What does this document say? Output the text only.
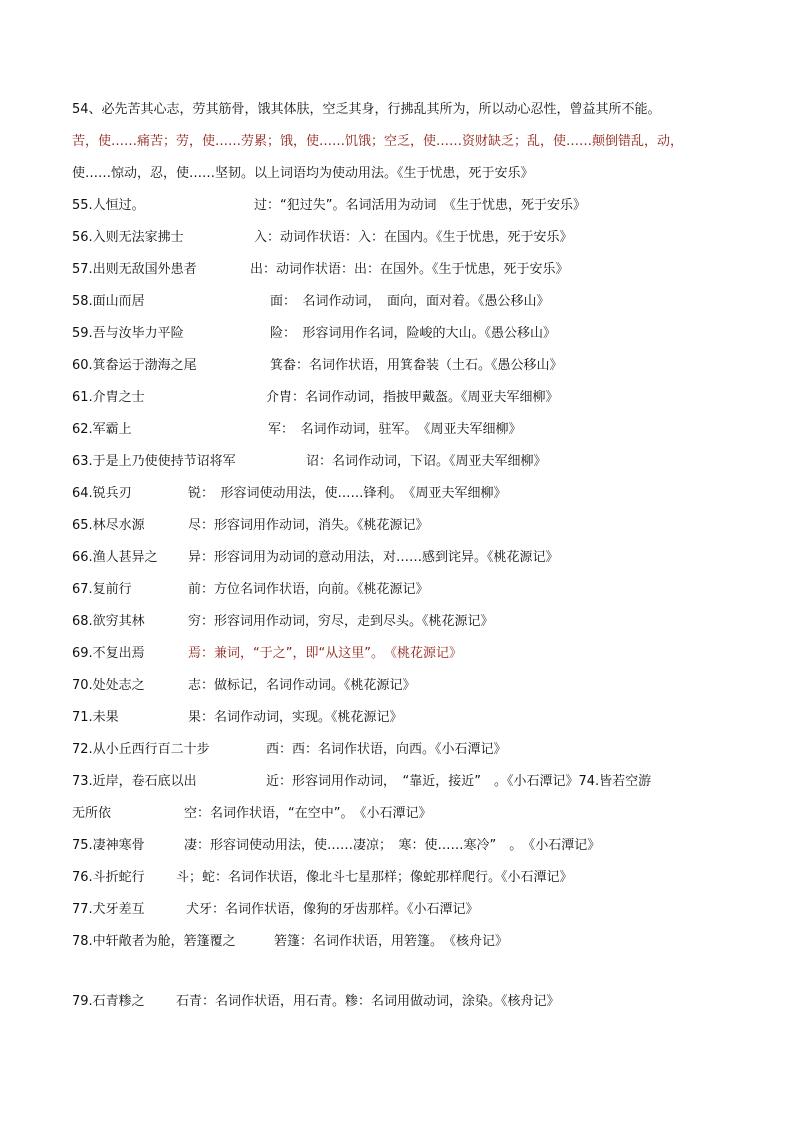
54、必先苦其心志，劳其筋骨，饿其体肤，空乏其身，行拂乱其所为，所以动心忍性，曾益其所不能。
苦，使……痛苦；劳，使……劳累；饿，使……饥饿；空乏，使……资财缺乏；乱，使……颠倒错乱，动，
使……惊动，忍，使……坚韧。以上词语均为使动用法。《生于忧患，死于安乐》
55.人恒过。	过：“犯过失”。名词活用为动词　《生于忧患，死于安乐》
56.入则无法家拂士	入：动词作状语：入：在国内。《生于忧患，死于安乐》
57.出则无敌国外患者	出：动词作状语：出：在国外。《生于忧患，死于安乐》
58.面山而居	面：　名词作动词，　面向，面对着。《愚公移山》
59.吾与汝毕力平险	险：　形容词用作名词，险峻的大山。《愚公移山》
60.箕畚运于渤海之尾	箕畚：名词作状语，用箕畚装（土石。《愚公移山》
61.介胄之士	介胄：名词作动词，指披甲戴盔。《周亚夫军细柳》
62.军霸上	军：　名词作动词，驻军。　《周亚夫军细柳》
63.于是上乃使使持节诏将军	诏：名词作动词，下诏。《周亚夫军细柳》
64.锐兵刃	锐：　形容词使动用法，使……锋利。　《周亚夫军细柳》
65.林尽水源	尽：形容词用作动词，消失。《桃花源记》
66.渔人甚异之 异：形容词用为动词的意动用法，对……感到诧异。《桃花源记》
67.复前行	前：方位名词作状语，向前。《桃花源记》
68.欲穷其林	穷：形容词用作动词，穷尽，走到尽头。《桃花源记》
69.不复出焉	焉：兼词，“于之”，即“从这里”。　《桃花源记》
70.处处志之	志：做标记，名词作动词。《桃花源记》
71.未果	果：名词作动词，实现。《桃花源记》
72.从小丘西行百二十步	西：西：名词作状语，向西。《小石潭记》
73.近岸，卷石底以出	近：形容词用作动词，　“靠近，接近”　。《小石潭记》74.皆若空游
无所依	空：名词作状语，“在空中”。　《小石潭记》
75.凄神寒骨	凄：形容词使动用法，使……凄凉；　寒：使……寒冷”　。　《小石潭记》
76.斗折蛇行 斗；蛇：名词作状语，像北斗七星那样；像蛇那样爬行。《小石潭记》
77.犬牙差互	犬牙：名词作状语，像狗的牙齿那样。《小石潭记》
78.中轩敞者为舱，箬篷覆之	箬篷：名词作状语，用箬篷。　《核舟记》
79.石青糁之 石青：名词作状语，用石青。糁：名词用做动词，涂染。《核舟记》
